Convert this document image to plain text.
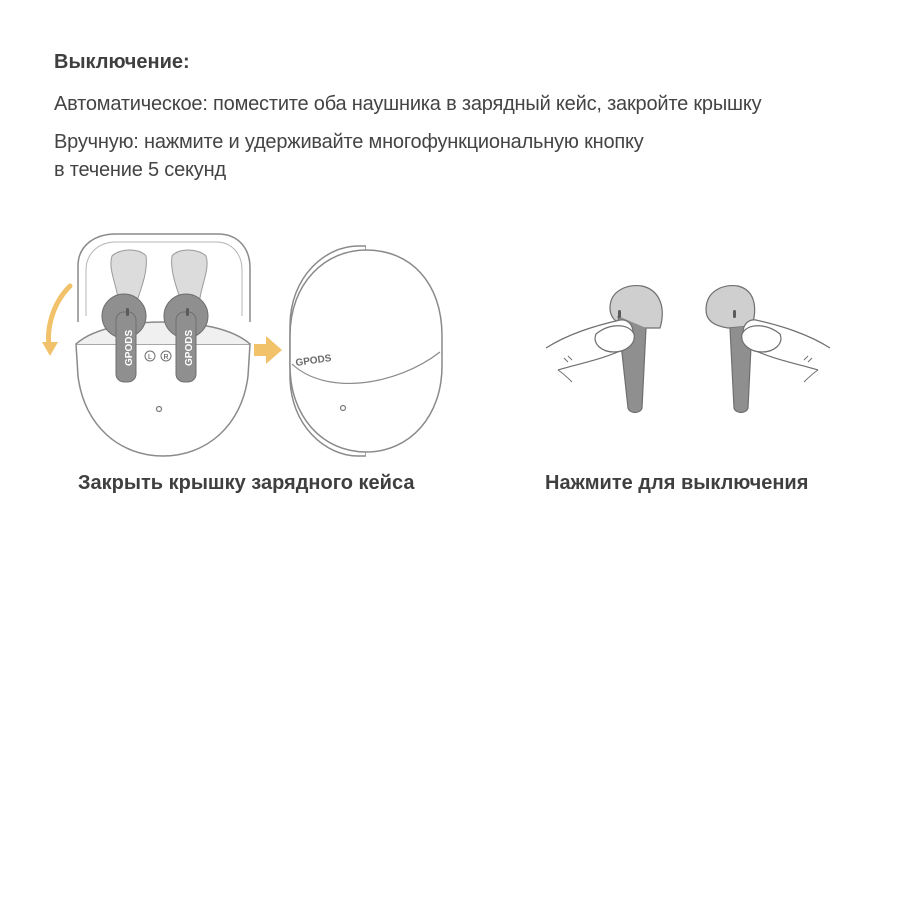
Выключение:
Автоматическое: поместите оба наушника в зарядный кейс, закройте крышку
Вручную: нажмите и удерживайте многофункциональную кнопку
в течение 5 секунд
GPODS	GPODS
L R	GPODS
Закрыть крышку зарядного кейса	Нажмите для выключения
